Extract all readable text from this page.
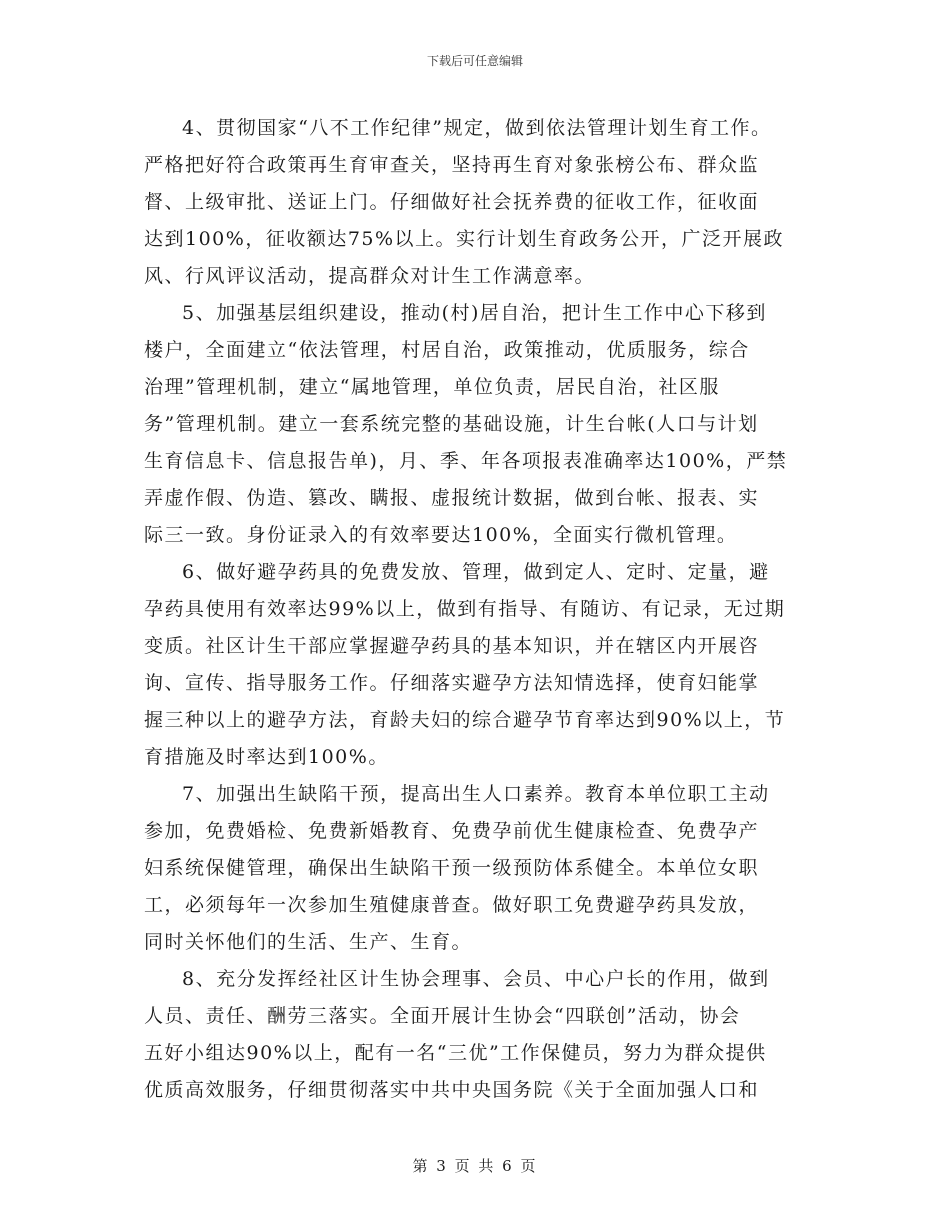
下载后可任意编辑
4、贯彻国家“八不工作纪律”规定，做到依法管理计划生育工作。
严格把好符合政策再生育审查关，坚持再生育对象张榜公布、群众监
督、上级审批、送证上门。仔细做好社会抚养费的征收工作，征收面
达到100%，征收额达75%以上。实行计划生育政务公开，广泛开展政
风、行风评议活动，提高群众对计生工作满意率。
5、加强基层组织建设，推动(村)居自治，把计生工作中心下移到
楼户，全面建立“依法管理，村居自治，政策推动，优质服务，综合
治理”管理机制，建立“属地管理，单位负责，居民自治，社区服
务”管理机制。建立一套系统完整的基础设施，计生台帐(人口与计划
生育信息卡、信息报告单)，月、季、年各项报表准确率达100%，严禁
弄虚作假、伪造、篡改、瞒报、虚报统计数据，做到台帐、报表、实
际三一致。身份证录入的有效率要达100%，全面实行微机管理。
6、做好避孕药具的免费发放、管理，做到定人、定时、定量，避
孕药具使用有效率达99%以上，做到有指导、有随访、有记录，无过期
变质。社区计生干部应掌握避孕药具的基本知识，并在辖区内开展咨
询、宣传、指导服务工作。仔细落实避孕方法知情选择，使育妇能掌
握三种以上的避孕方法，育龄夫妇的综合避孕节育率达到90%以上，节
育措施及时率达到100%。
7、加强出生缺陷干预，提高出生人口素养。教育本单位职工主动
参加，免费婚检、免费新婚教育、免费孕前优生健康检查、免费孕产
妇系统保健管理，确保出生缺陷干预一级预防体系健全。本单位女职
工，必须每年一次参加生殖健康普查。做好职工免费避孕药具发放，
同时关怀他们的生活、生产、生育。
8、充分发挥经社区计生协会理事、会员、中心户长的作用，做到
人员、责任、酬劳三落实。全面开展计生协会“四联创”活动，协会
五好小组达90%以上，配有一名“三优”工作保健员，努力为群众提供
优质高效服务，仔细贯彻落实中共中央国务院《关于全面加强人口和
第 3 页 共 6 页
